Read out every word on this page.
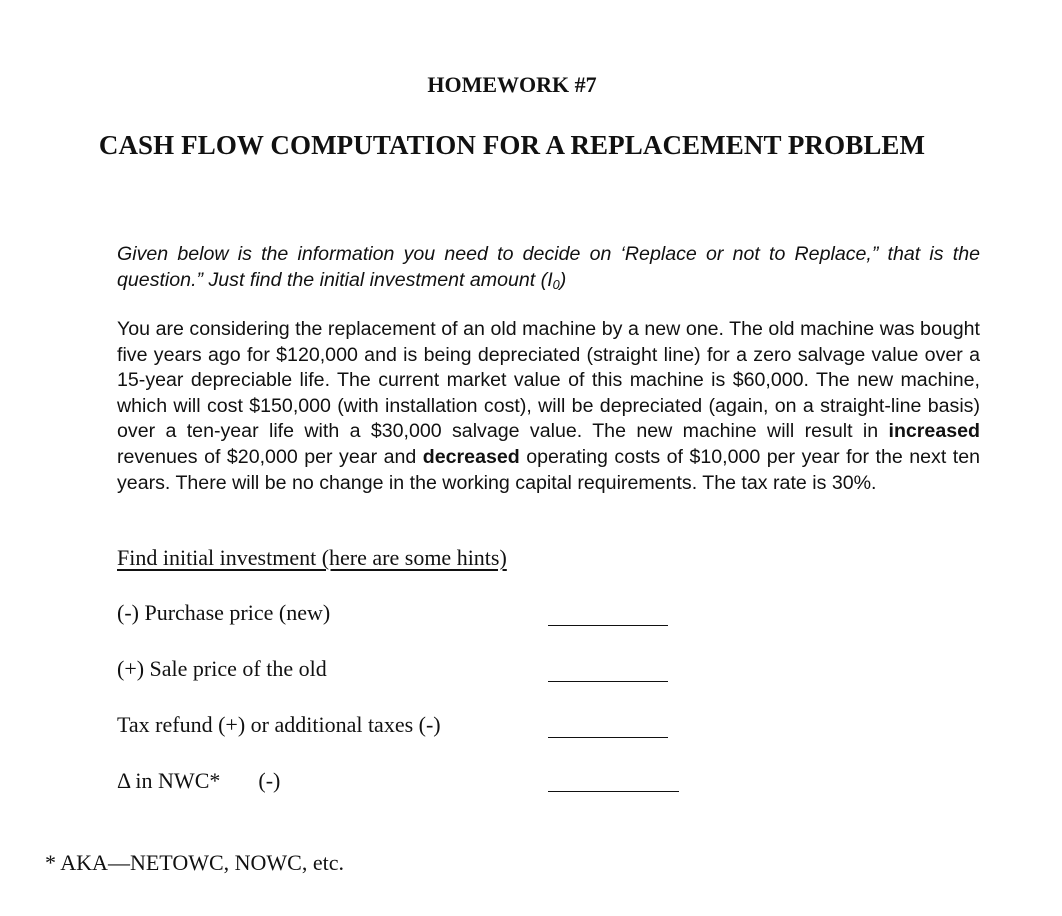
HOMEWORK #7
CASH FLOW COMPUTATION FOR A REPLACEMENT PROBLEM

Given below is the information you need to decide on ‘Replace or not to Replace,” that is the question.” Just find the initial investment amount $(I_0)$

You are considering the replacement of an old machine by a new one. The old machine was bought five years ago for $120,000 and is being depreciated (straight line) for a zero salvage value over a 15-year depreciable life. The current market value of this machine is $60,000. The new machine, which will cost $150,000 (with installation cost), will be depreciated (again, on a straight-line basis) over a ten-year life with a $30,000 salvage value. The new machine will result in increased revenues of $20,000 per year and decreased operating costs of $10,000 per year for the next ten years. There will be no change in the working capital requirements. The tax rate is 30%.

Find initial investment (here are some hints)
(-) Purchase price (new)
(+) Sale price of the old
Tax refund (+) or additional taxes (-)
Δ in NWC* (-)
* AKA—NETOWC, NOWC, etc.
